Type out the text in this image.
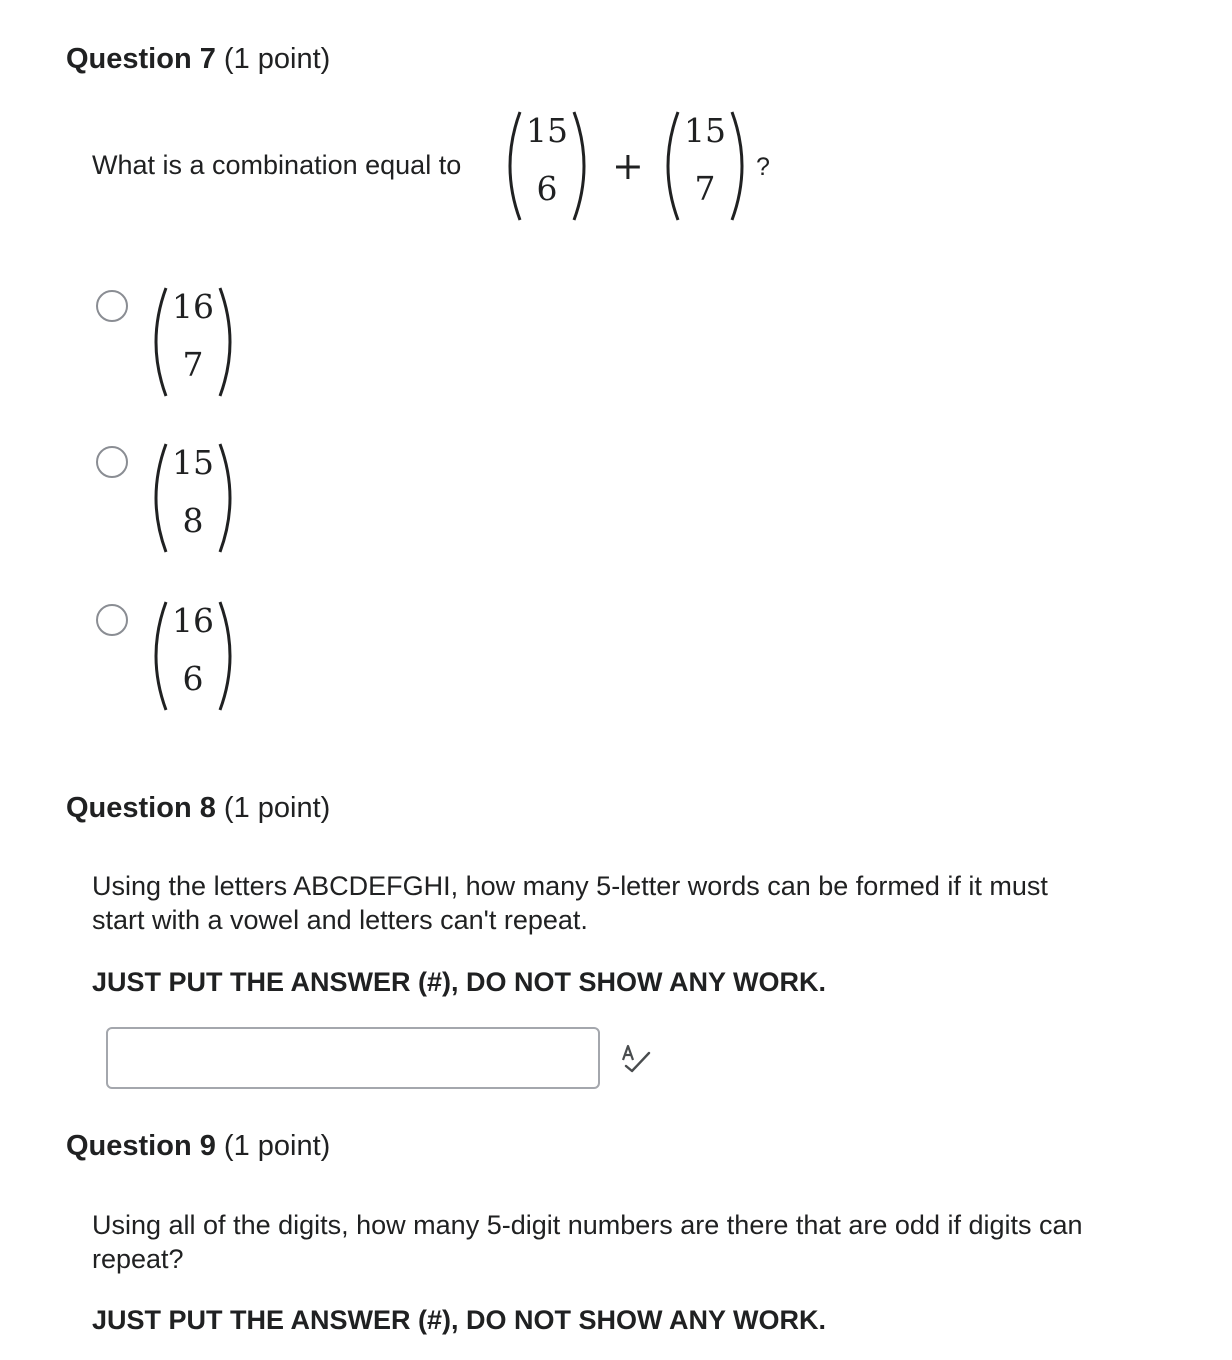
Question 7 (1 point)
What is a combination equal to
15
6
+
15
7
?
16
7
15
8
16
6
Question 8 (1 point)
Using the letters ABCDEFGHI, how many 5-letter words can be formed if it must
start with a vowel and letters can't repeat.
JUST PUT THE ANSWER (#), DO NOT SHOW ANY WORK.
Question 9 (1 point)
Using all of the digits, how many 5-digit numbers are there that are odd if digits can
repeat?
JUST PUT THE ANSWER (#), DO NOT SHOW ANY WORK.
